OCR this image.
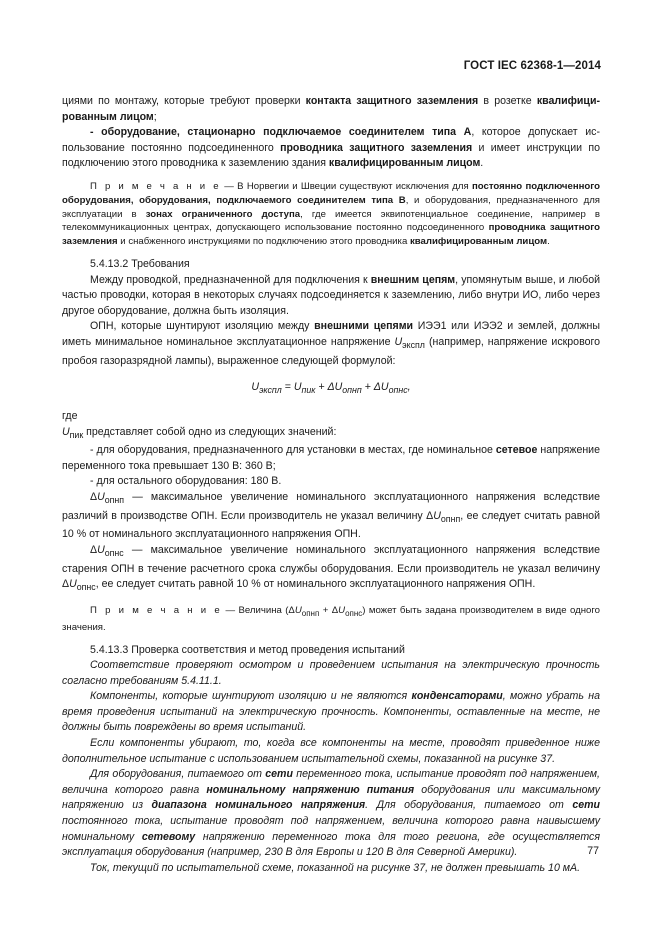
ГОСТ IEC 62368-1—2014

циями по монтажу, которые требуют проверки контакта защитного заземления в розетке квалифицированным лицом;

- оборудование, стационарно подключаемое соединителем типа А, которое допускает использование постоянно подсоединенного проводника защитного заземления и имеет инструкции по подключению этого проводника к заземлению здания квалифицированным лицом.

П р и м е ч а н и е — В Норвегии и Швеции существуют исключения для постоянно подключенного оборудования, оборудования, подключаемого соединителем типа В, и оборудования, предназначенного для эксплуатации в зонах ограниченного доступа, где имеется эквипотенциальное соединение, например в телекоммуникационных центрах, допускающего использование постоянно подсоединенного проводника защитного заземления и снабженного инструкциями по подключению этого проводника квалифицированным лицом.

5.4.13.2 Требования

Между проводкой, предназначенной для подключения к внешним цепям, упомянутым выше, и любой частью проводки, которая в некоторых случаях подсоединяется к заземлению, либо внутри ИО, либо через другое оборудование, должна быть изоляция.

ОПН, которые шунтируют изоляцию между внешними цепями ИЭЭ1 или ИЭЭ2 и землей, должны иметь минимальное номинальное эксплуатационное напряжение $U_{экспл}$ (например, напряжение искрового пробоя газоразрядной лампы), выраженное следующей формулой:

$U_{экспл} = U_{пик} + \Delta U_{опнп} + \Delta U_{опнс}$,

где

$U_{пик}$ представляет собой одно из следующих значений:

- для оборудования, предназначенного для установки в местах, где номинальное сетевое напряжение переменного тока превышает 130 В: 360 В;

- для остального оборудования: 180 В.

$\Delta U_{опнп}$ — максимальное увеличение номинального эксплуатационного напряжения вследствие различий в производстве ОПН. Если производитель не указал величину $\Delta U_{опнп}$, ее следует считать равной 10 % от номинального эксплуатационного напряжения ОПН.

$\Delta U_{опнс}$ — максимальное увеличение номинального эксплуатационного напряжения вследствие старения ОПН в течение расчетного срока службы оборудования. Если производитель не указал величину $\Delta U_{опнс}$, ее следует считать равной 10 % от номинального эксплуатационного напряжения ОПН.

П р и м е ч а н и е — Величина $(\Delta U_{опнп} + \Delta U_{опнс})$ может быть задана производителем в виде одного значения.

5.4.13.3 Проверка соответствия и метод проведения испытаний

Соответствие проверяют осмотром и проведением испытания на электрическую прочность согласно требованиям 5.4.11.1.

Компоненты, которые шунтируют изоляцию и не являются конденсаторами, можно убрать на время проведения испытаний на электрическую прочность. Компоненты, оставленные на месте, не должны быть повреждены во время испытаний.

Если компоненты убирают, то, когда все компоненты на месте, проводят приведенное ниже дополнительное испытание с использованием испытательной схемы, показанной на рисунке 37.

Для оборудования, питаемого от сети переменного тока, испытание проводят под напряжением, величина которого равна номинальному напряжению питания оборудования или максимальному напряжению из диапазона номинального напряжения. Для оборудования, питаемого от сети постоянного тока, испытание проводят под напряжением, величина которого равна наивысшему номинальному сетевому напряжению переменного тока для того региона, где осуществляется эксплуатация оборудования (например, 230 В для Европы и 120 В для Северной Америки).

Ток, текущий по испытательной схеме, показанной на рисунке 37, не должен превышать 10 мА.

77
